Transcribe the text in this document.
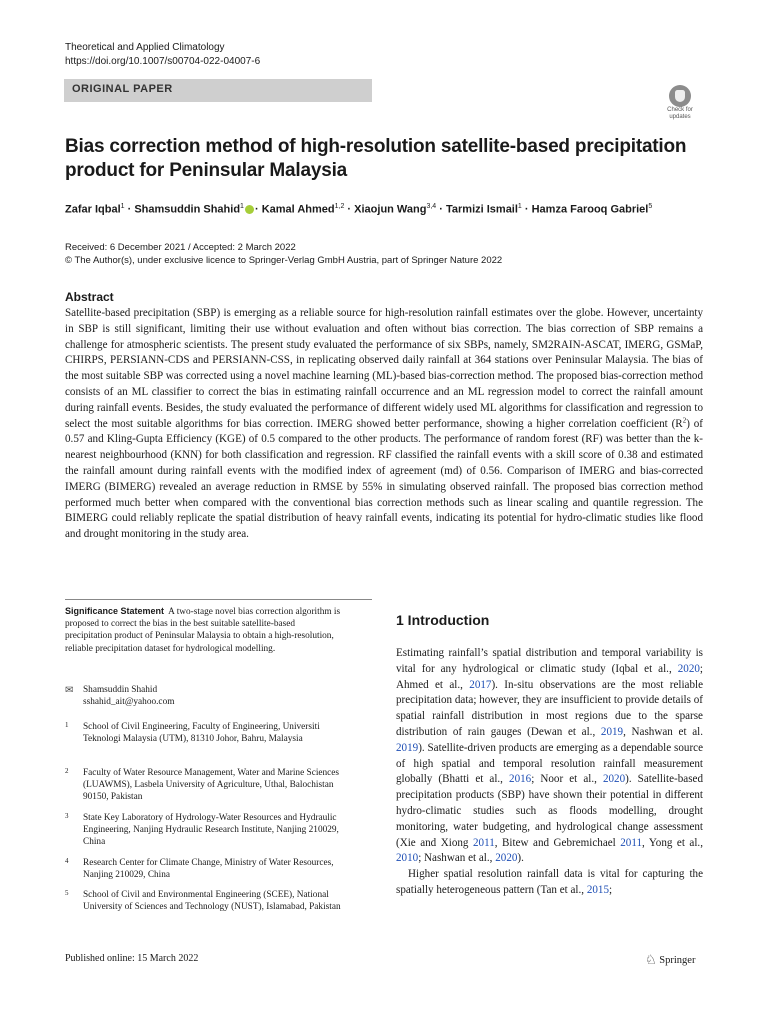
Theoretical and Applied Climatology
https://doi.org/10.1007/s00704-022-04007-6
ORIGINAL PAPER
Check for
updates
Bias correction method of high-resolution satellite-based precipitation product for Peninsular Malaysia
Zafar Iqbal$^1$ · Shamsuddin Shahid$^1$ · Kamal Ahmed$^{1,2}$ · Xiaojun Wang$^{3,4}$ · Tarmizi Ismail$^1$ · Hamza Farooq Gabriel$^5$
Received: 6 December 2021 / Accepted: 2 March 2022
© The Author(s), under exclusive licence to Springer-Verlag GmbH Austria, part of Springer Nature 2022
Abstract
Satellite-based precipitation (SBP) is emerging as a reliable source for high-resolution rainfall estimates over the globe. However, uncertainty in SBP is still significant, limiting their use without evaluation and often without bias correction. The bias correction of SBP remains a challenge for atmospheric scientists. The present study evaluated the performance of six SBPs, namely, SM2RAIN-ASCAT, IMERG, GSMaP, CHIRPS, PERSIANN-CDS and PERSIANN-CSS, in replicating observed daily rainfall at 364 stations over Peninsular Malaysia. The bias of the most suitable SBP was corrected using a novel machine learning (ML)-based bias-correction method. The proposed bias-correction method consists of an ML classifier to correct the bias in estimating rainfall occurrence and an ML regression model to correct the rainfall amount during rainfall events. Besides, the study evaluated the performance of different widely used ML algorithms for classification and regression to select the most suitable algorithms for bias correction. IMERG showed better performance, showing a higher correlation coefficient $(R^2)$ of 0.57 and Kling-Gupta Efficiency (KGE) of 0.5 compared to the other products. The performance of random forest (RF) was better than the k-nearest neighbourhood (KNN) for both classification and regression. RF classified the rainfall events with a skill score of 0.38 and estimated the rainfall amount during rainfall events with the modified index of agreement (md) of 0.56. Comparison of IMERG and bias-corrected IMERG (BIMERG) revealed an average reduction in RMSE by 55% in simulating observed rainfall. The proposed bias correction method performed much better when compared with the conventional bias correction methods such as linear scaling and quantile regression. The BIMERG could reliably replicate the spatial distribution of heavy rainfall events, indicating its potential for hydro-climatic studies like flood and drought monitoring in the study area.
Significance Statement A two-stage novel bias correction algorithm is proposed to correct the bias in the best suitable satellite-based precipitation product of Peninsular Malaysia to obtain a high-resolution, reliable precipitation dataset for hydrological modelling.
✉ Shamsuddin Shahid
sshahid_ait@yahoo.com
1 School of Civil Engineering, Faculty of Engineering, Universiti Teknologi Malaysia (UTM), 81310 Johor, Bahru, Malaysia
2 Faculty of Water Resource Management, Water and Marine Sciences (LUAWMS), Lasbela University of Agriculture, Uthal, Balochistan 90150, Pakistan
3 State Key Laboratory of Hydrology-Water Resources and Hydraulic Engineering, Nanjing Hydraulic Research Institute, Nanjing 210029, China
4 Research Center for Climate Change, Ministry of Water Resources, Nanjing 210029, China
5 School of Civil and Environmental Engineering (SCEE), National University of Sciences and Technology (NUST), Islamabad, Pakistan
1 Introduction

Estimating rainfall’s spatial distribution and temporal variability is vital for any hydrological or climatic study (Iqbal et al., 2020; Ahmed et al., 2017). In-situ observations are the most reliable precipitation data; however, they are insufficient to provide details of spatial rainfall distribution in most regions due to the sparse distribution of rain gauges (Dewan et al., 2019, Nashwan et al. 2019). Satellite-driven products are emerging as a dependable source of high spatial and temporal resolution rainfall measurement globally (Bhatti et al., 2016; Noor et al., 2020). Satellite-based precipitation products (SBP) have shown their potential in different hydro-climatic studies such as floods modelling, drought monitoring, water budgeting, and hydrological change assessment (Xie and Xiong 2011, Bitew and Gebremichael 2011, Yong et al., 2010; Nashwan et al., 2020).

Higher spatial resolution rainfall data is vital for capturing the spatially heterogeneous pattern (Tan et al., 2015;

Published online: 15 March 2022	♘ Springer
